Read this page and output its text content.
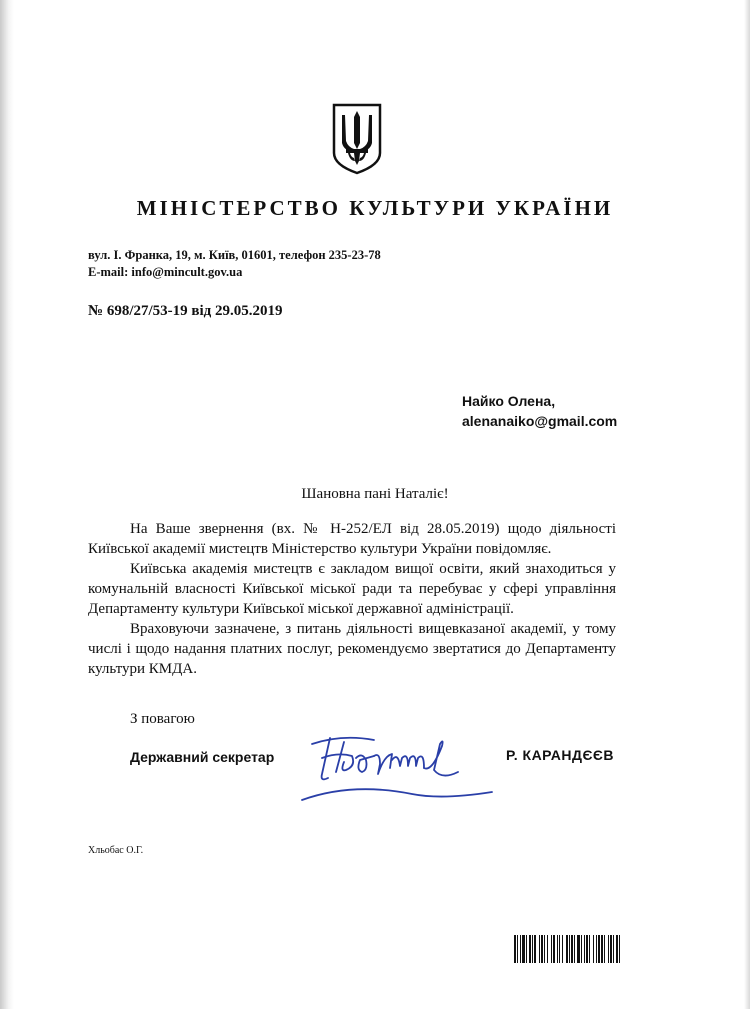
МІНІСТЕРСТВО КУЛЬТУРИ УКРАЇНИ
вул. І. Франка, 19, м. Київ, 01601, телефон 235-23-78
E-mail: info@mincult.gov.ua
№ 698/27/53-19 від 29.05.2019
Найко Олена,
alenanaiko@gmail.com
Шановна пані Наталіє!

На Ваше звернення (вх. № Н-252/ЕЛ від 28.05.2019) щодо діяльності Київської академії мистецтв Міністерство культури України повідомляє.

Київська академія мистецтв є закладом вищої освіти, який знаходиться у комунальній власності Київської міської ради та перебуває у сфері управління Департаменту культури Київської міської державної адміністрації.

Враховуючи зазначене, з питань діяльності вищевказаної академії, у тому числі і щодо надання платних послуг, рекомендуємо звертатися до Департаменту культури КМДА.

З повагою
Державний секретар	Р. КАРАНДЄЄВ
Хльобас О.Г.
